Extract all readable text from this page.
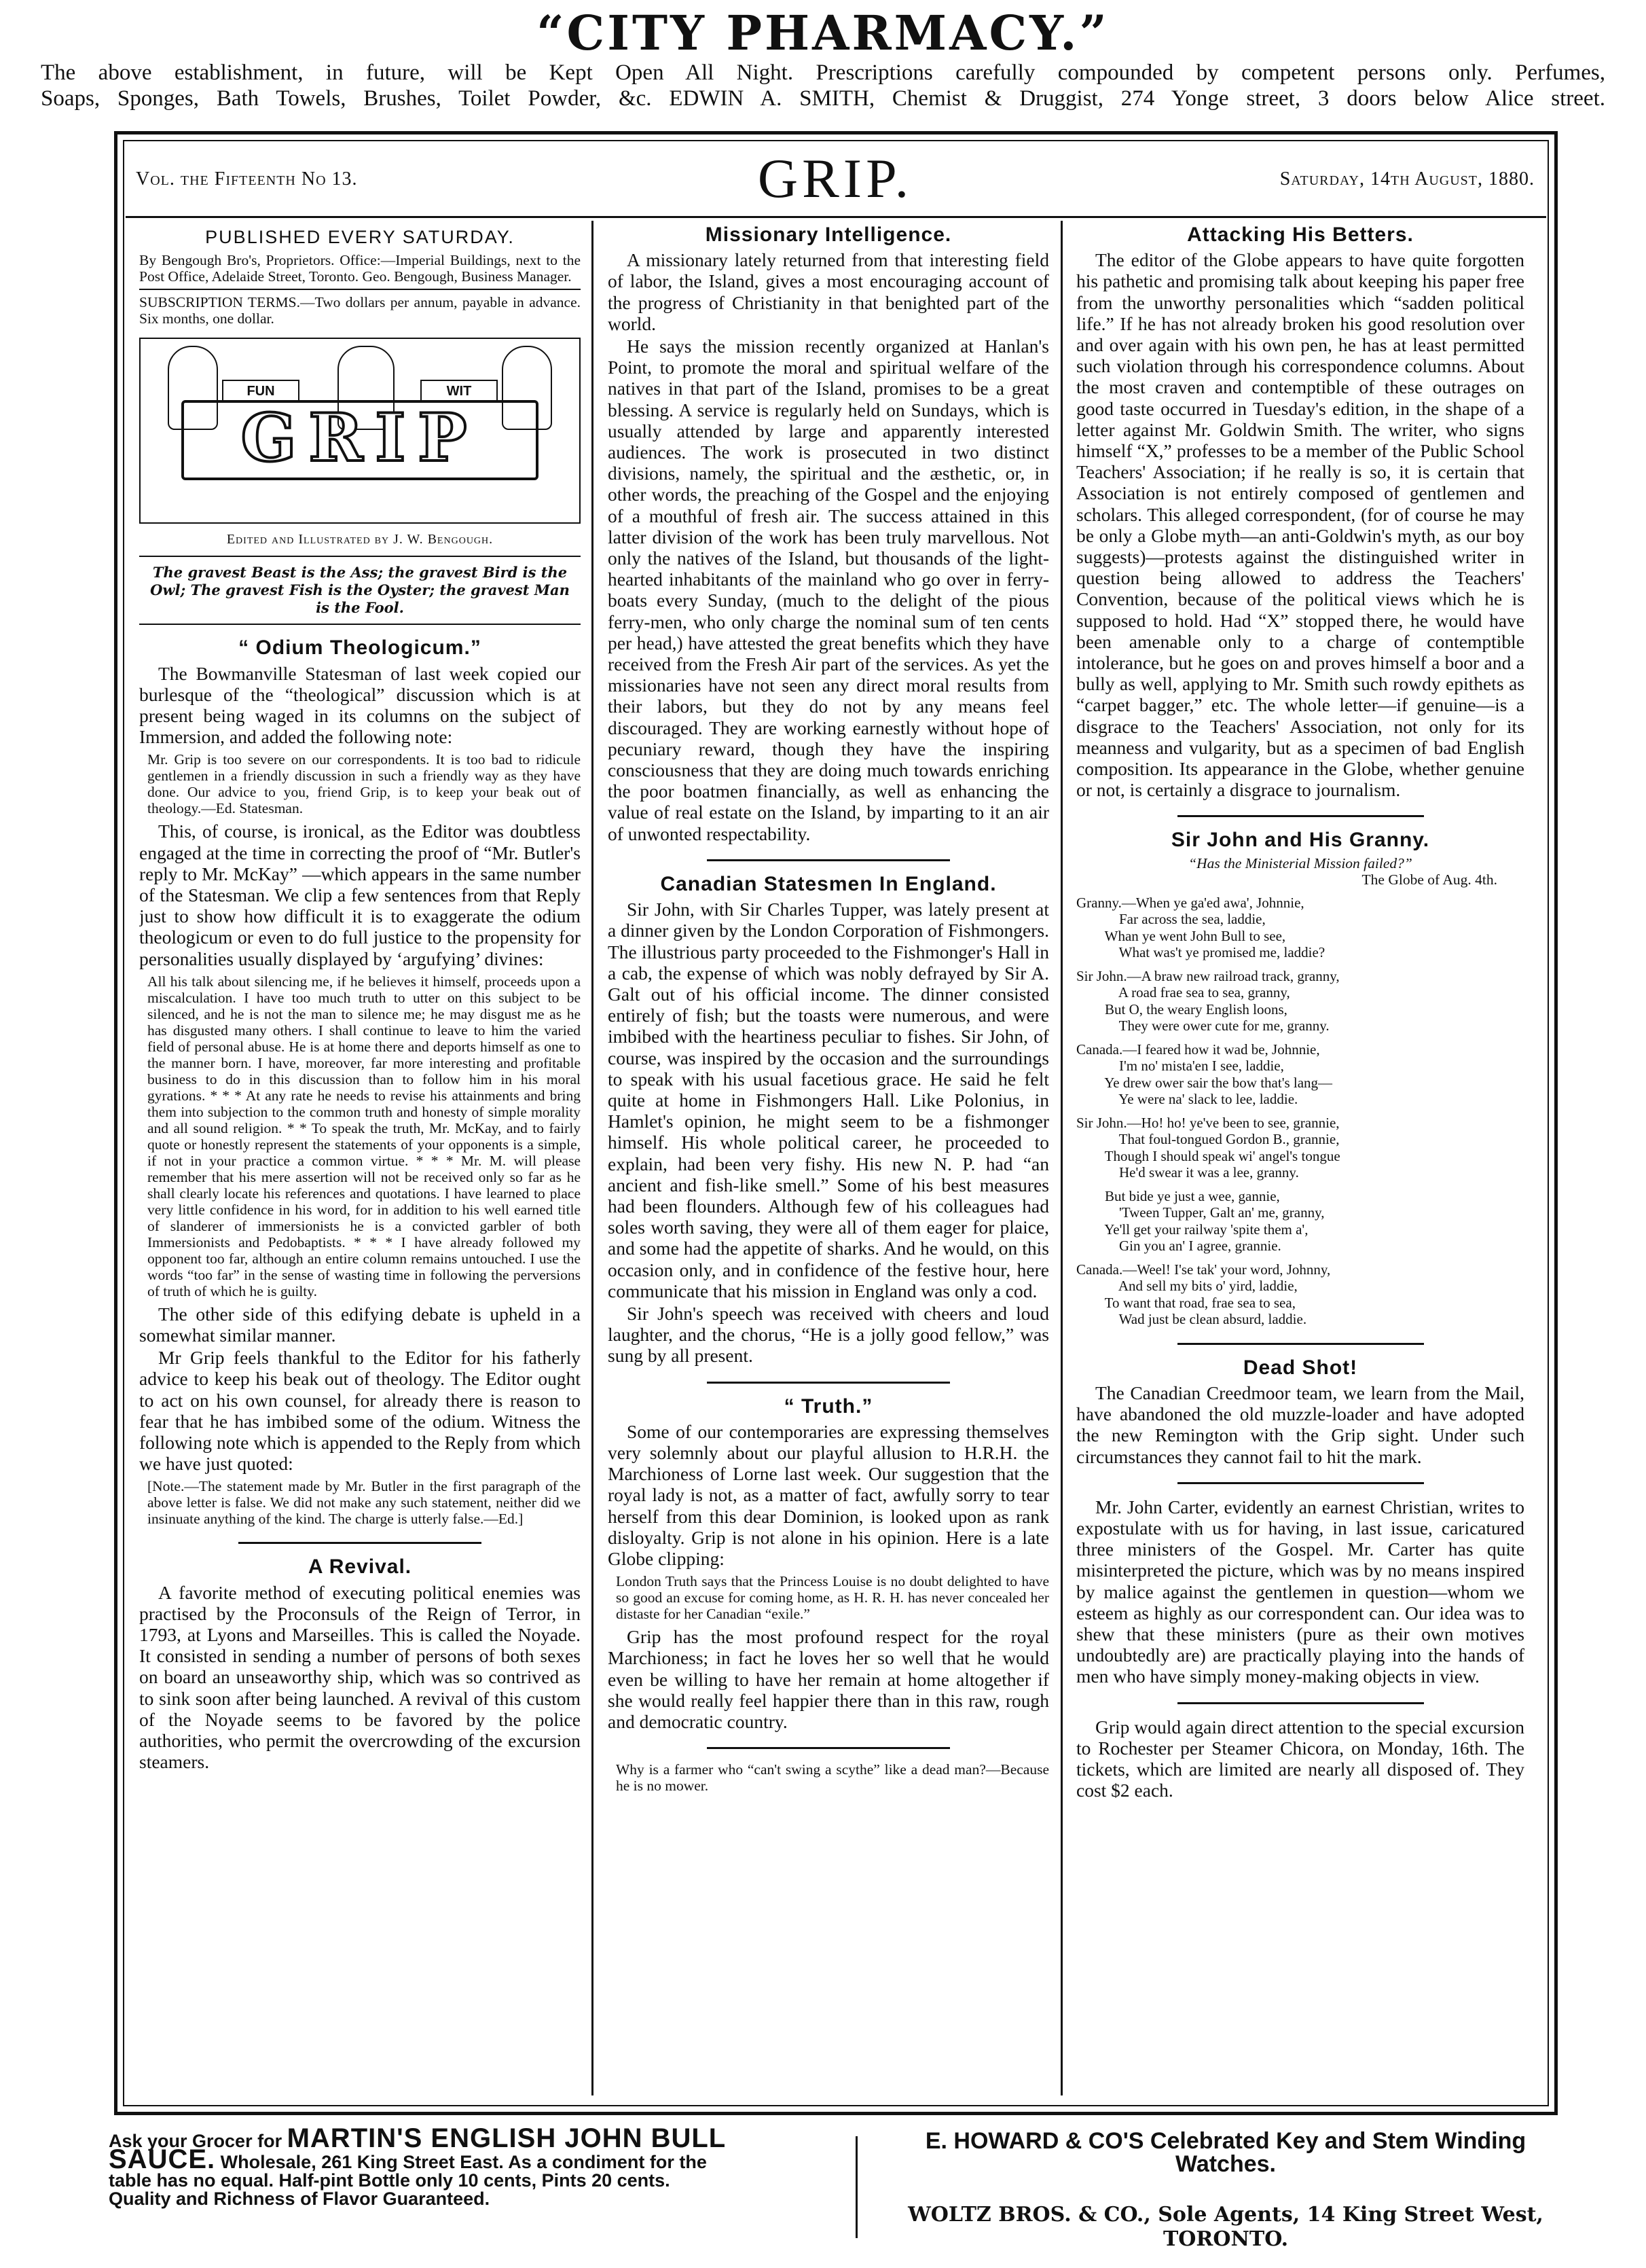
“CITY PHARMACY.”
The above establishment, in future, will be Kept Open All Night. Prescriptions carefully compounded by competent persons only. Perfumes,
Soaps, Sponges, Bath Towels, Brushes, Toilet Powder, &c. EDWIN A. SMITH, Chemist & Druggist, 274 Yonge street, 3 doors below Alice street.
Vol. the Fifteenth No 13.	GRIP.	Saturday, 14th August, 1880.
PUBLISHED EVERY SATURDAY.

By Bengough Bro's, Proprietors. Office:—Imperial Buildings, next to the Post Office, Adelaide Street, Toronto. Geo. Bengough, Business Manager.

SUBSCRIPTION TERMS.—Two dollars per annum, payable in advance. Six months, one dollar.

FUN	WIT
GRIP
Edited and Illustrated by J. W. Bengough.
The gravest Beast is the Ass; the gravest Bird is the Owl; The gravest Fish is the Oyster; the gravest Man is the Fool.
“ Odium Theologicum.”

The Bowmanville Statesman of last week copied our burlesque of the “theological” discussion which is at present being waged in its columns on the subject of Immersion, and added the following note:

Mr. Grip is too severe on our correspondents. It is too bad to ridicule gentlemen in a friendly discussion in such a friendly way as they have done. Our advice to you, friend Grip, is to keep your beak out of theology.—Ed. Statesman.

This, of course, is ironical, as the Editor was doubtless engaged at the time in correcting the proof of “Mr. Butler's reply to Mr. McKay” —which appears in the same number of the Statesman. We clip a few sentences from that Reply just to show how difficult it is to exaggerate the odium theologicum or even to do full justice to the propensity for personalities usually displayed by ‘argufying’ divines:

All his talk about silencing me, if he believes it himself, proceeds upon a miscalculation. I have too much truth to utter on this subject to be silenced, and he is not the man to silence me; he may disgust me as he has disgusted many others. I shall continue to leave to him the varied field of personal abuse. He is at home there and deports himself as one to the manner born. I have, moreover, far more interesting and profitable business to do in this discussion than to follow him in his moral gyrations. * * * At any rate he needs to revise his attainments and bring them into subjection to the common truth and honesty of simple morality and all sound religion. * * To speak the truth, Mr. McKay, and to fairly quote or honestly represent the statements of your opponents is a simple, if not in your practice a common virtue. * * * Mr. M. will please remember that his mere assertion will not be received only so far as he shall clearly locate his references and quotations. I have learned to place very little confidence in his word, for in addition to his well earned title of slanderer of immersionists he is a convicted garbler of both Immersionists and Pedobaptists. * * * I have already followed my opponent too far, although an entire column remains untouched. I use the words “too far” in the sense of wasting time in following the perversions of truth of which he is guilty.

The other side of this edifying debate is upheld in a somewhat similar manner.

Mr Grip feels thankful to the Editor for his fatherly advice to keep his beak out of theology. The Editor ought to act on his own counsel, for already there is reason to fear that he has imbibed some of the odium. Witness the following note which is appended to the Reply from which we have just quoted:

[Note.—The statement made by Mr. Butler in the first paragraph of the above letter is false. We did not make any such statement, neither did we insinuate anything of the kind. The charge is utterly false.—Ed.]

A Revival.

A favorite method of executing political enemies was practised by the Proconsuls of the Reign of Terror, in 1793, at Lyons and Marseilles. This is called the Noyade. It consisted in sending a number of persons of both sexes on board an unseaworthy ship, which was so contrived as to sink soon after being launched. A revival of this custom of the Noyade seems to be favored by the police authorities, who permit the overcrowding of the excursion steamers.

Missionary Intelligence.

A missionary lately returned from that interesting field of labor, the Island, gives a most encouraging account of the progress of Christianity in that benighted part of the world.

He says the mission recently organized at Hanlan's Point, to promote the moral and spiritual welfare of the natives in that part of the Island, promises to be a great blessing. A service is regularly held on Sundays, which is usually attended by large and apparently interested audiences. The work is prosecuted in two distinct divisions, namely, the spiritual and the æsthetic, or, in other words, the preaching of the Gospel and the enjoying of a mouthful of fresh air. The success attained in this latter division of the work has been truly marvellous. Not only the natives of the Island, but thousands of the light-hearted inhabitants of the mainland who go over in ferry-boats every Sunday, (much to the delight of the pious ferry-men, who only charge the nominal sum of ten cents per head,) have attested the great benefits which they have received from the Fresh Air part of the services. As yet the missionaries have not seen any direct moral results from their labors, but they do not by any means feel discouraged. They are working earnestly without hope of pecuniary reward, though they have the inspiring consciousness that they are doing much towards enriching the poor boatmen financially, as well as enhancing the value of real estate on the Island, by imparting to it an air of unwonted respectability.

Canadian Statesmen In England.

Sir John, with Sir Charles Tupper, was lately present at a dinner given by the London Corporation of Fishmongers. The illustrious party proceeded to the Fishmonger's Hall in a cab, the expense of which was nobly defrayed by Sir A. Galt out of his official income. The dinner consisted entirely of fish; but the toasts were numerous, and were imbibed with the heartiness peculiar to fishes. Sir John, of course, was inspired by the occasion and the surroundings to speak with his usual facetious grace. He said he felt quite at home in Fishmongers Hall. Like Polonius, in Hamlet's opinion, he might seem to be a fishmonger himself. His whole political career, he proceeded to explain, had been very fishy. His new N. P. had “an ancient and fish-like smell.” Some of his best measures had been flounders. Although few of his colleagues had soles worth saving, they were all of them eager for plaice, and some had the appetite of sharks. And he would, on this occasion only, and in confidence of the festive hour, here communicate that his mission in England was only a cod.

Sir John's speech was received with cheers and loud laughter, and the chorus, “He is a jolly good fellow,” was sung by all present.

“ Truth.”

Some of our contemporaries are expressing themselves very solemnly about our playful allusion to H.R.H. the Marchioness of Lorne last week. Our suggestion that the royal lady is not, as a matter of fact, awfully sorry to tear herself from this dear Dominion, is looked upon as rank disloyalty. Grip is not alone in his opinion. Here is a late Globe clipping:

London Truth says that the Princess Louise is no doubt delighted to have so good an excuse for coming home, as H. R. H. has never concealed her distaste for her Canadian “exile.”

Grip has the most profound respect for the royal Marchioness; in fact he loves her so well that he would even be willing to have her remain at home altogether if she would really feel happier there than in this raw, rough and democratic country.

Why is a farmer who “can't swing a scythe” like a dead man?—Because he is no mower.

Attacking His Betters.

The editor of the Globe appears to have quite forgotten his pathetic and promising talk about keeping his paper free from the unworthy personalities which “sadden political life.” If he has not already broken his good resolution over and over again with his own pen, he has at least permitted such violation through his correspondence columns. About the most craven and contemptible of these outrages on good taste occurred in Tuesday's edition, in the shape of a letter against Mr. Goldwin Smith. The writer, who signs himself “X,” professes to be a member of the Public School Teachers' Association; if he really is so, it is certain that Association is not entirely composed of gentlemen and scholars. This alleged correspondent, (for of course he may be only a Globe myth—an anti-Goldwin's myth, as our boy suggests)—protests against the distinguished writer in question being allowed to address the Teachers' Convention, because of the political views which he is supposed to hold. Had “X” stopped there, he would have been amenable only to a charge of contemptible intolerance, but he goes on and proves himself a boor and a bully as well, applying to Mr. Smith such rowdy epithets as “carpet bagger,” etc. The whole letter—if genuine—is a disgrace to the Teachers' Association, not only for its meanness and vulgarity, but as a specimen of bad English composition. Its appearance in the Globe, whether genuine or not, is certainly a disgrace to journalism.

Sir John and His Granny.

“Has the Ministerial Mission failed?”

The Globe of Aug. 4th.

Granny.—When ye ga'ed awa', Johnnie,
Far across the sea, laddie,
Whan ye went John Bull to see,
What was't ye promised me, laddie?
Sir John.—A braw new railroad track, granny,
A road frae sea to sea, granny,
But O, the weary English loons,
They were ower cute for me, granny.
Canada.—I feared how it wad be, Johnnie,
I'm no' mista'en I see, laddie,
Ye drew ower sair the bow that's lang—
Ye were na' slack to lee, laddie.
Sir John.—Ho! ho! ye've been to see, grannie,
That foul-tongued Gordon B., grannie,
Though I should speak wi' angel's tongue
He'd swear it was a lee, granny.
But bide ye just a wee, gannie,
'Tween Tupper, Galt an' me, granny,
Ye'll get your railway 'spite them a',
Gin you an' I agree, grannie.
Canada.—Weel! I'se tak' your word, Johnny,
And sell my bits o' yird, laddie,
To want that road, frae sea to sea,
Wad just be clean absurd, laddie.
Dead Shot!

The Canadian Creedmoor team, we learn from the Mail, have abandoned the old muzzle-loader and have adopted the new Remington with the Grip sight. Under such circumstances they cannot fail to hit the mark.

Mr. John Carter, evidently an earnest Christian, writes to expostulate with us for having, in last issue, caricatured three ministers of the Gospel. Mr. Carter has quite misinterpreted the picture, which was by no means inspired by malice against the gentlemen in question—whom we esteem as highly as our correspondent can. Our idea was to shew that these ministers (pure as their own motives undoubtedly are) are practically playing into the hands of men who have simply money-making objects in view.

Grip would again direct attention to the special excursion to Rochester per Steamer Chicora, on Monday, 16th. The tickets, which are limited are nearly all disposed of. They cost $2 each.

Ask your Grocer for MARTIN'S ENGLISH JOHN BULL
SAUCE. Wholesale, 261 King Street East. As a condiment for the
table has no equal. Half-pint Bottle only 10 cents, Pints 20 cents.
Quality and Richness of Flavor Guaranteed.
E. HOWARD & CO'S Celebrated Key and Stem Winding Watches.
WOLTZ BROS. & CO., Sole Agents, 14 King Street West, TORONTO.
